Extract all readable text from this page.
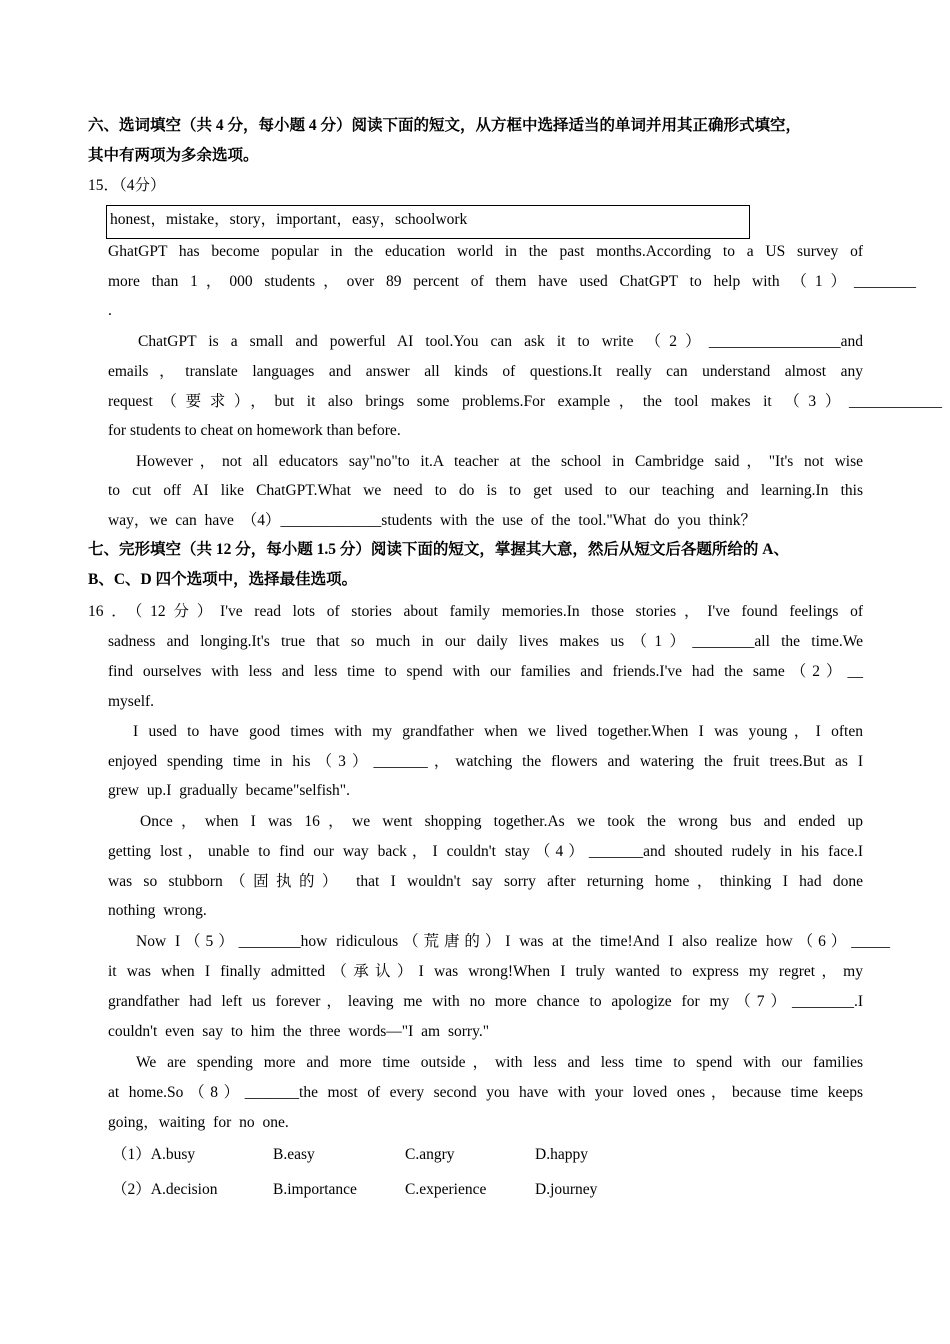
六、选词填空（共 4 分，每小题 4 分）阅读下面的短文，从方框中选择适当的单词并用其正确形式填空，
其中有两项为多余选项。
15．（4分）
honest，mistake，story，important，easy，schoolwork
GhatGPT has become popular in the education world in the past months.According to a US survey of
more than 1，000 students，over 89 percent of them have used ChatGPT to help with （1）________
.
ChatGPT is a small and powerful AI tool.You can ask it to write （2）_________________and
emails，translate languages and answer all kinds of questions.It really can understand almost any
request（要求），but it also brings some problems.For example，the tool makes it （3）____________
for students to cheat on homework than before.
However，not all educators say"no"to it.A teacher at the school in Cambridge said，"It's not wise
to cut off AI like ChatGPT.What we need to do is to get used to our teaching and learning.In this
way，we can have （4）_____________students with the use of the tool."What do you think？
七、完形填空（共 12 分，每小题 1.5 分）阅读下面的短文，掌握其大意，然后从短文后各题所给的 A、
B、C、D 四个选项中，选择最佳选项。
16．（12分）I've read lots of stories about family memories.In those stories，I've found feelings of
sadness and longing.It's true that so much in our daily lives makes us（1）________all the time.We
find ourselves with less and less time to spend with our families and friends.I've had the same（2）__
myself.
I used to have good times with my grandfather when we lived together.When I was young，I often
enjoyed spending time in his（3）_______，watching the flowers and watering the fruit trees.But as I
grew up.I gradually became"selfish".
Once，when I was 16，we went shopping together.As we took the wrong bus and ended up
getting lost，unable to find our way back，I couldn't stay（4）_______and shouted rudely in his face.I
was so stubborn（固执的） that I wouldn't say sorry after returning home，thinking I had done
nothing wrong.
Now I（5）________how ridiculous（荒唐的）I was at the time!And I also realize how（6）_____
it was when I finally admitted（承认）I was wrong!When I truly wanted to express my regret，my
grandfather had left us forever，leaving me with no more chance to apologize for my（7）________.I
couldn't even say to him the three words—"I am sorry."
We are spending more and more time outside，with less and less time to spend with our families
at home.So（8）_______the most of every second you have with your loved ones，because time keeps
going，waiting for no one.
（1）A.busy	B.easy	C.angry	D.happy
（2）A.decision	B.importance	C.experience	D.journey
